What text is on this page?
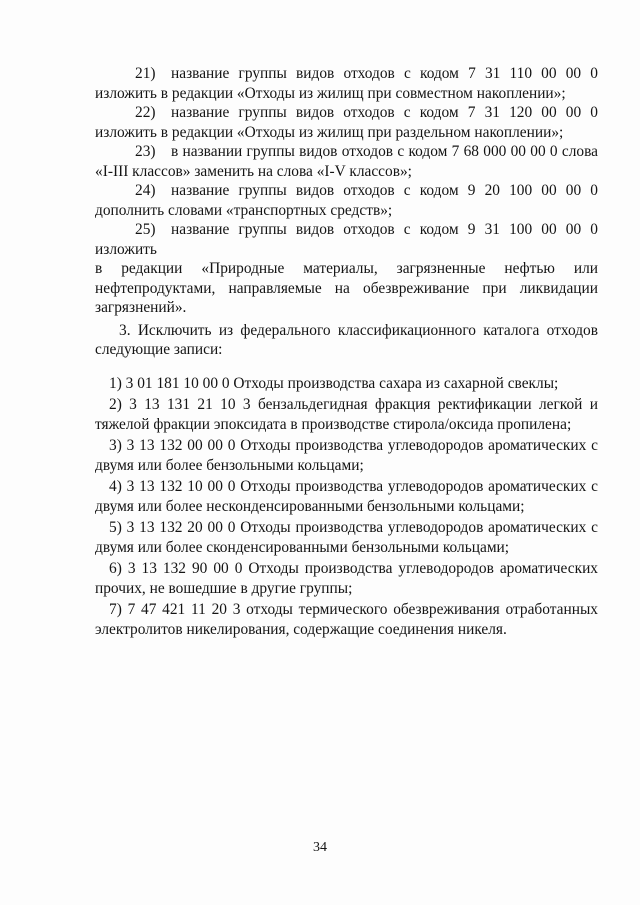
21) название группы видов отходов с кодом 7 31 110 00 00 0 изложить в редакции «Отходы из жилищ при совместном накоплении»;

22) название группы видов отходов с кодом 7 31 120 00 00 0 изложить в редакции «Отходы из жилищ при раздельном накоплении»;

23) в названии группы видов отходов с кодом 7 68 000 00 00 0 слова «I-III классов» заменить на слова «I-V классов»;

24) название группы видов отходов с кодом 9 20 100 00 00 0 дополнить словами «транспортных средств»;

25) название группы видов отходов с кодом 9 31 100 00 00 0 изложить

в редакции «Природные материалы, загрязненные нефтью или

нефтепродуктами, направляемые на обезвреживание при ликвидации

загрязнений».

3. Исключить из федерального классификационного каталога отходов следующие записи:

1) 3 01 181 10 00 0 Отходы производства сахара из сахарной свеклы;

2) 3 13 131 21 10 3 бензальдегидная фракция ректификации легкой и тяжелой фракции эпоксидата в производстве стирола/оксида пропилена;

3) 3 13 132 00 00 0 Отходы производства углеводородов ароматических с двумя или более бензольными кольцами;

4) 3 13 132 10 00 0 Отходы производства углеводородов ароматических с двумя или более несконденсированными бензольными кольцами;

5) 3 13 132 20 00 0 Отходы производства углеводородов ароматических с двумя или более сконденсированными бензольными кольцами;

6) 3 13 132 90 00 0 Отходы производства углеводородов ароматических прочих, не вошедшие в другие группы;

7) 7 47 421 11 20 3 отходы термического обезвреживания отработанных электролитов никелирования, содержащие соединения никеля.

34
